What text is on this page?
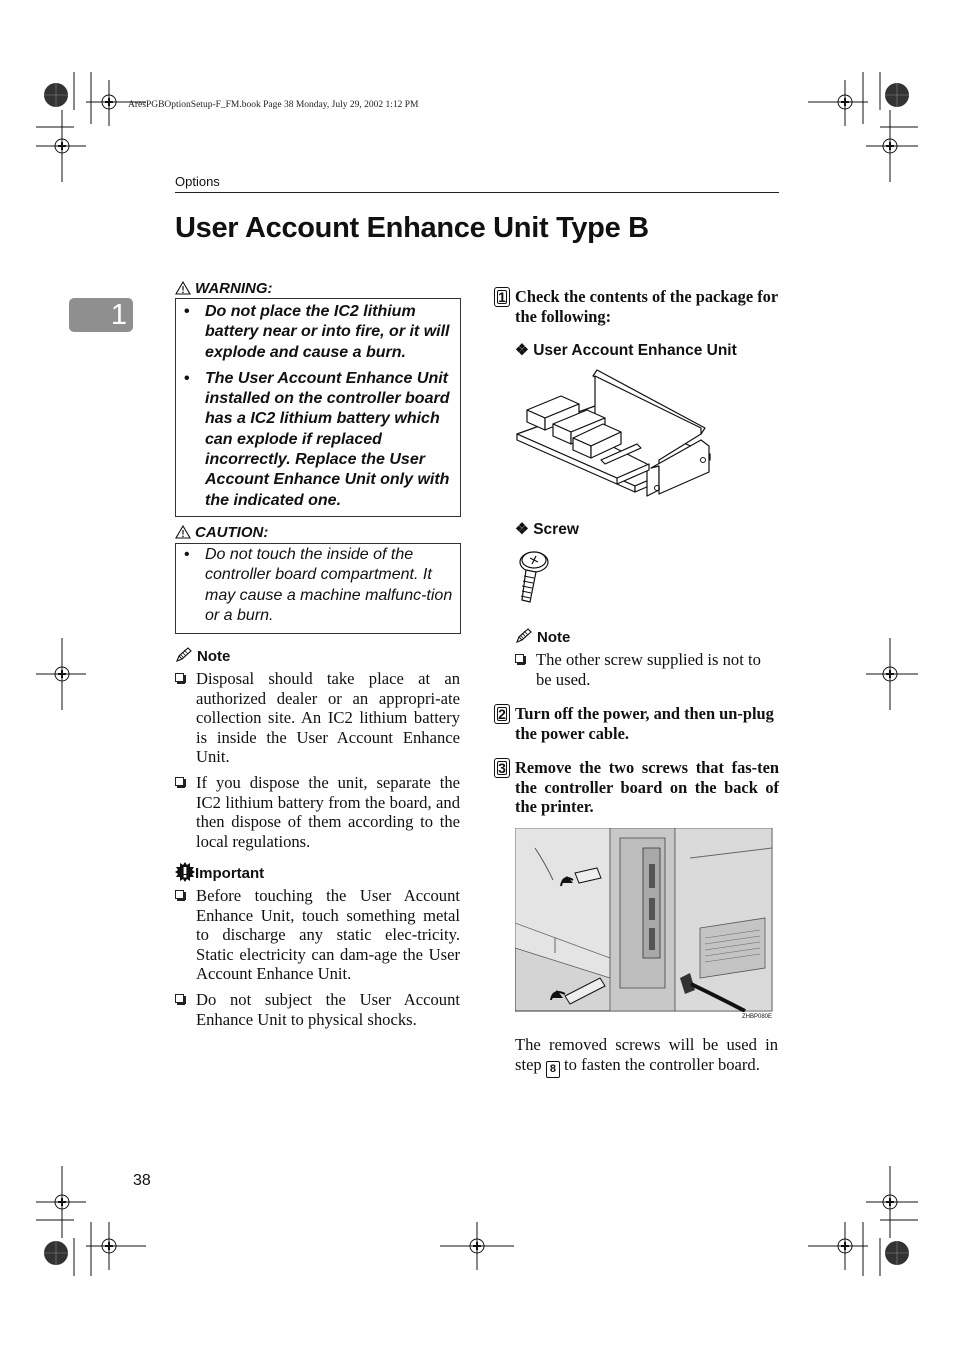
AresPGBOptionSetup-F_FM.book Page 38 Monday, July 29, 2002 1:12 PM
Options
User Account Enhance Unit Type B
1
WARNING:
• Do not place the IC2 lithium battery near or into fire, or it will explode and cause a burn.
• The User Account Enhance Unit installed on the controller board has a IC2 lithium battery which can explode if replaced incorrectly. Replace the User Account Enhance Unit only with the indicated one.
CAUTION:
• Do not touch the inside of the controller board compartment. It may cause a machine malfunc-tion or a burn.
Note
Disposal should take place at an authorized dealer or an appropri-ate collection site. An IC2 lithium battery is inside the User Account Enhance Unit.
If you dispose the unit, separate the IC2 lithium battery from the board, and then dispose of them according to the local regulations.
Important
Before touching the User Account Enhance Unit, touch something metal to discharge any static elec-tricity. Static electricity can dam-age the User Account Enhance Unit.
Do not subject the User Account Enhance Unit to physical shocks.
1 Check the contents of the package for the following:
❖ User Account Enhance Unit
❖ Screw
Note
The other screw supplied is not to be used.
2 Turn off the power, and then un-plug the power cable.
3 Remove the two screws that fas-ten the controller board on the back of the printer.
ZHBP080E
The removed screws will be used in step 8 to fasten the controller board.
38
